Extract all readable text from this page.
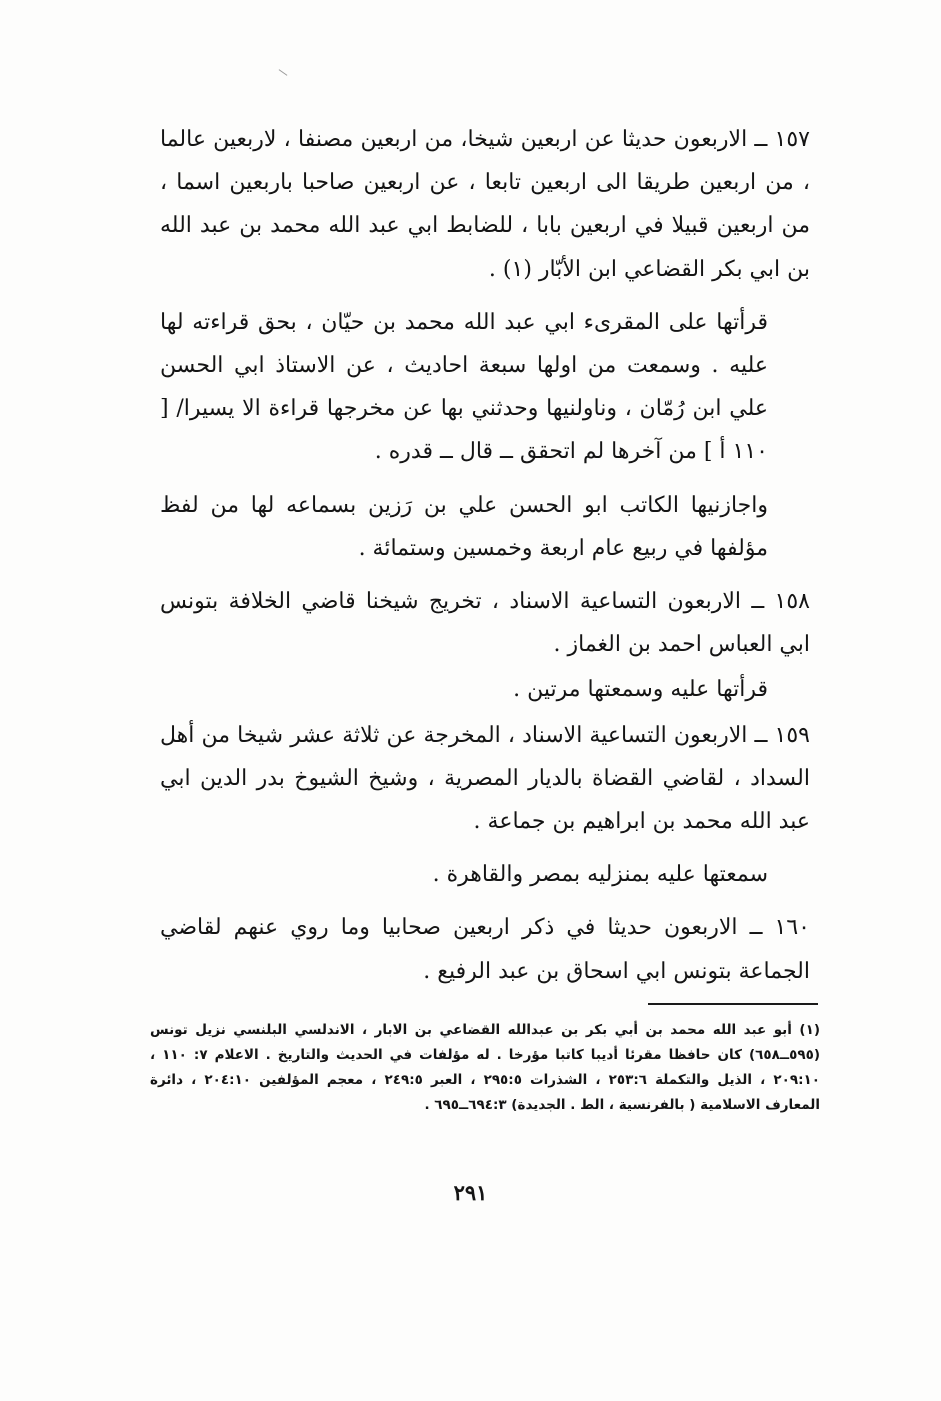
١٥٧ ــ الاربعون حديثا عن اربعين شيخا، من اربعين مصنفا ، لاربعين عالما ، من اربعين طريقا الى اربعين تابعا ، عن اربعين صاحبا باربعين اسما ، من اربعين قبيلا في اربعين بابا ، للضابط ابي عبد الله محمد بن عبد الله بن ابي بكر القضاعي ابن الأبّار (١) .

قرأتها على المقرىء ابي عبد الله محمد بن حيّان ، بحق قراءته لها عليه . وسمعت من اولها سبعة احاديث ، عن الاستاذ ابي الحسن علي ابن رُمّان ، وناولنيها وحدثني بها عن مخرجها قراءة الا يسيرا/ [ ١١٠ أ ] من آخرها لم اتحقق ــ قال ــ قدره .

واجازنيها الكاتب ابو الحسن علي بن رَزين بسماعه لها من لفظ مؤلفها في ربيع عام اربعة وخمسين وستمائة .

١٥٨ ــ الاربعون التساعية الاسناد ، تخريج شيخنا قاضي الخلافة بتونس ابي العباس احمد بن الغماز .

قرأتها عليه وسمعتها مرتين .

١٥٩ ــ الاربعون التساعية الاسناد ، المخرجة عن ثلاثة عشر شيخا من أهل السداد ، لقاضي القضاة بالديار المصرية ، وشيخ الشيوخ بدر الدين ابي عبد الله محمد بن ابراهيم بن جماعة .

سمعتها عليه بمنزليه بمصر والقاهرة .

١٦٠ ــ الاربعون حديثا في ذكر اربعين صحابيا وما روي عنهم لقاضي الجماعة بتونس ابي اسحاق بن عبد الرفيع .

(١) أبو عبد الله محمد بن أبي بكر بن عبدالله القضاعي بن الابار ، الاندلسي البلنسي نزيل تونس (٥٩٥ــ٦٥٨) كان حافظا مقرئا أديبا كاتبا مؤرخا . له مؤلفات في الحديث والتاريخ . الاعلام ٧: ١١٠ ، ٢٠٩:١٠ ، الذيل والتكملة ٢٥٣:٦ ، الشذرات ٢٩٥:٥ ، العبر ٢٤٩:٥ ، معجم المؤلفين ٢٠٤:١٠ ، دائرة المعارف الاسلامية ( بالفرنسية ، الط . الجديدة) ٦٩٤:٣ــ٦٩٥ .

٢٩١
